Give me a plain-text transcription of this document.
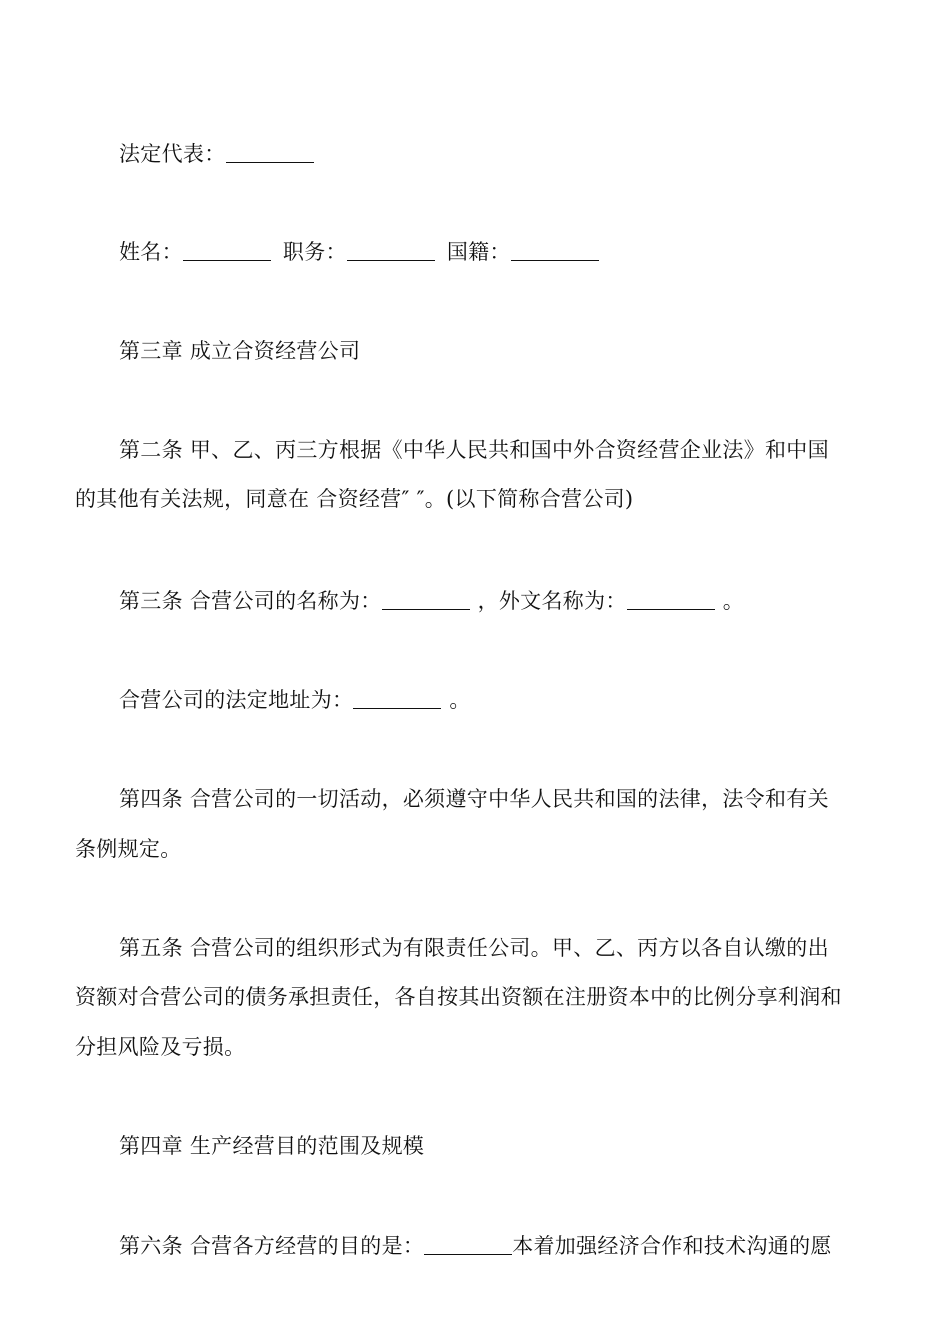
法定代表：
姓名：	职务：	国籍：
第三章 成立合资经营公司
第二条 甲、乙、丙三方根据《中华人民共和国中外合资经营企业法》和中国
的其他有关法规，同意在 合资经营″ ″。(以下简称合营公司)
第三条 合营公司的名称为：	，外文名称为：	。
合营公司的法定地址为：	。
第四条 合营公司的一切活动，必须遵守中华人民共和国的法律，法令和有关
条例规定。
第五条 合营公司的组织形式为有限责任公司。甲、乙、丙方以各自认缴的出
资额对合营公司的债务承担责任，各自按其出资额在注册资本中的比例分享利润和
分担风险及亏损。
第四章 生产经营目的范围及规模
第六条 合营各方经营的目的是：	本着加强经济合作和技术沟通的愿
